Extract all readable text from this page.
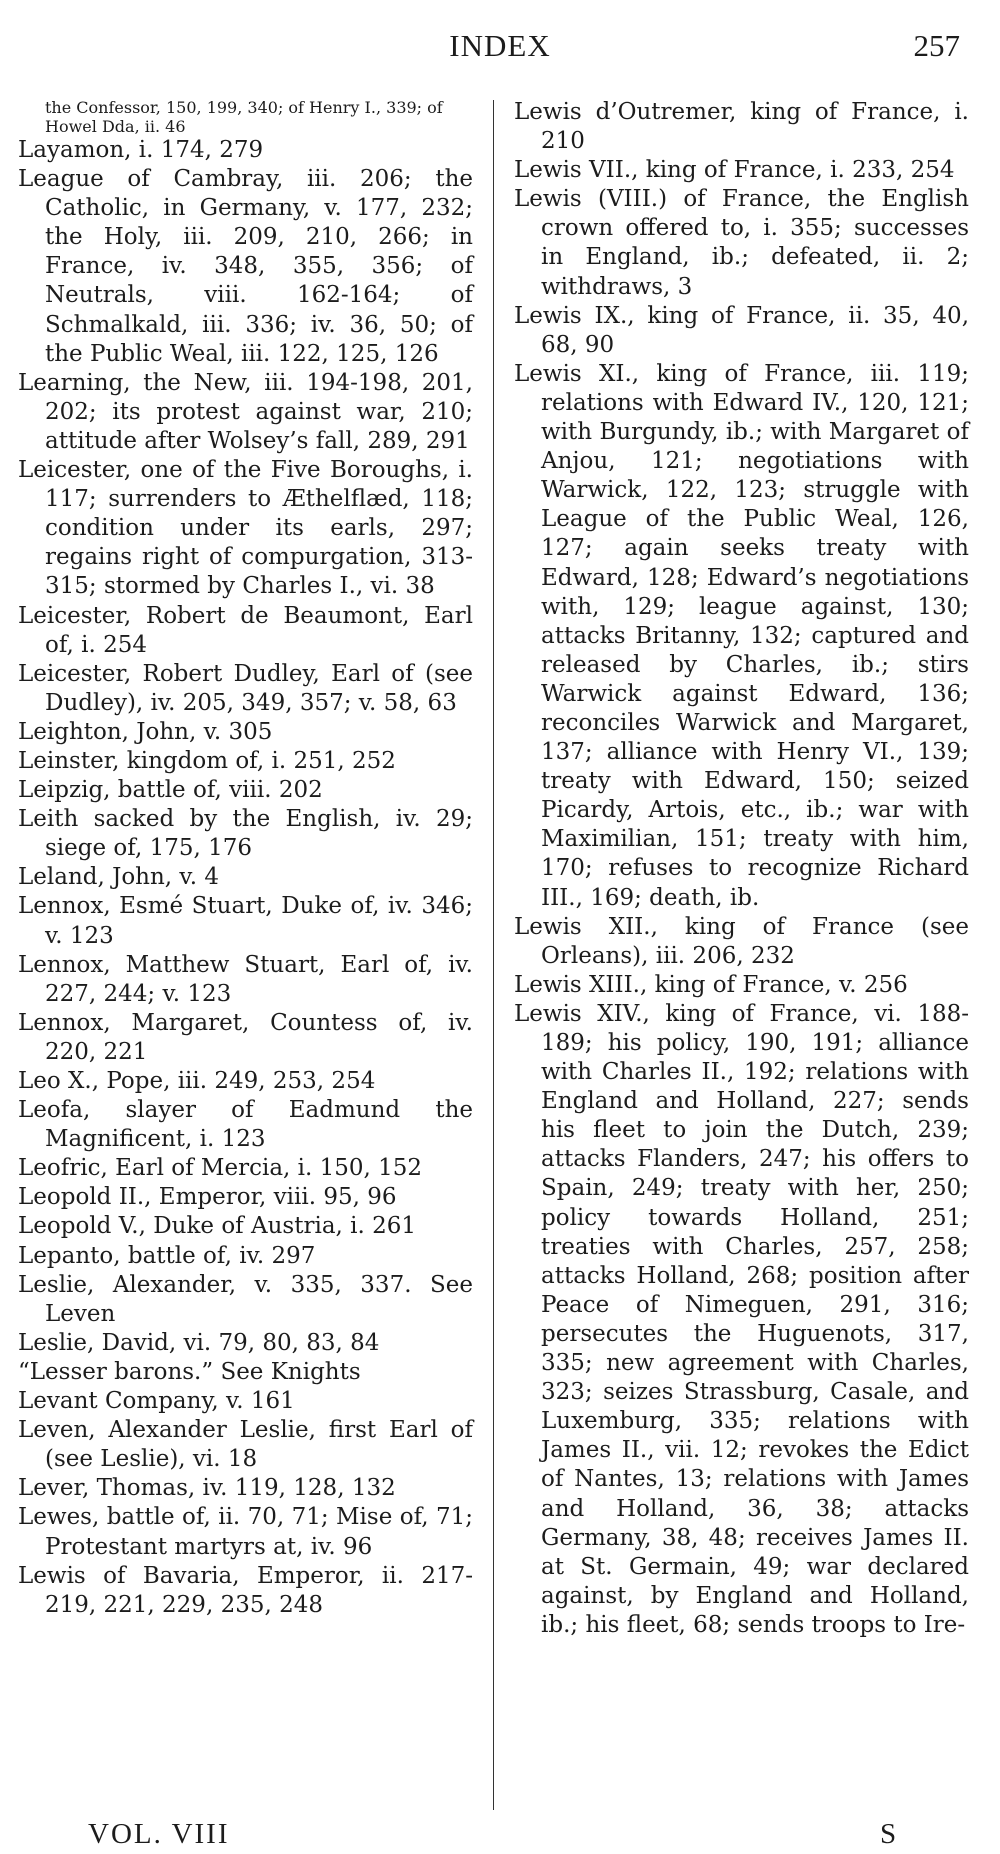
INDEX	257
the Confessor, 150, 199, 340; of Henry I., 339; of Howel Dda, ii. 46
Layamon, i. 174, 279
League of Cambray, iii. 206; the Catholic, in Germany, v. 177, 232; the Holy, iii. 209, 210, 266; in France, iv. 348, 355, 356; of Neutrals, viii. 162-164; of Schmalkald, iii. 336; iv. 36, 50; of the Public Weal, iii. 122, 125, 126
Learning, the New, iii. 194-198, 201, 202; its protest against war, 210; attitude after Wolsey’s fall, 289, 291
Leicester, one of the Five Boroughs, i. 117; surrenders to Æthelflæd, 118; condition under its earls, 297; regains right of compurgation, 313-315; stormed by Charles I., vi. 38
Leicester, Robert de Beaumont, Earl of, i. 254
Leicester, Robert Dudley, Earl of (see Dudley), iv. 205, 349, 357; v. 58, 63
Leighton, John, v. 305
Leinster, kingdom of, i. 251, 252
Leipzig, battle of, viii. 202
Leith sacked by the English, iv. 29; siege of, 175, 176
Leland, John, v. 4
Lennox, Esmé Stuart, Duke of, iv. 346; v. 123
Lennox, Matthew Stuart, Earl of, iv. 227, 244; v. 123
Lennox, Margaret, Countess of, iv. 220, 221
Leo X., Pope, iii. 249, 253, 254
Leofa, slayer of Eadmund the Magnificent, i. 123
Leofric, Earl of Mercia, i. 150, 152
Leopold II., Emperor, viii. 95, 96
Leopold V., Duke of Austria, i. 261
Lepanto, battle of, iv. 297
Leslie, Alexander, v. 335, 337. See Leven
Leslie, David, vi. 79, 80, 83, 84
“Lesser barons.” See Knights
Levant Company, v. 161
Leven, Alexander Leslie, first Earl of (see Leslie), vi. 18
Lever, Thomas, iv. 119, 128, 132
Lewes, battle of, ii. 70, 71; Mise of, 71; Protestant martyrs at, iv. 96
Lewis of Bavaria, Emperor, ii. 217-219, 221, 229, 235, 248
Lewis d’Outremer, king of France, i. 210
Lewis VII., king of France, i. 233, 254
Lewis (VIII.) of France, the English crown offered to, i. 355; successes in England, ib.; defeated, ii. 2; withdraws, 3
Lewis IX., king of France, ii. 35, 40, 68, 90
Lewis XI., king of France, iii. 119; relations with Edward IV., 120, 121; with Burgundy, ib.; with Margaret of Anjou, 121; negotiations with Warwick, 122, 123; struggle with League of the Public Weal, 126, 127; again seeks treaty with Edward, 128; Edward’s negotiations with, 129; league against, 130; attacks Britanny, 132; captured and released by Charles, ib.; stirs Warwick against Edward, 136; reconciles Warwick and Margaret, 137; alliance with Henry VI., 139; treaty with Edward, 150; seized Picardy, Artois, etc., ib.; war with Maximilian, 151; treaty with him, 170; refuses to recognize Richard III., 169; death, ib.
Lewis XII., king of France (see Orleans), iii. 206, 232
Lewis XIII., king of France, v. 256
Lewis XIV., king of France, vi. 188-189; his policy, 190, 191; alliance with Charles II., 192; relations with England and Holland, 227; sends his fleet to join the Dutch, 239; attacks Flanders, 247; his offers to Spain, 249; treaty with her, 250; policy towards Holland, 251; treaties with Charles, 257, 258; attacks Holland, 268; position after Peace of Nimeguen, 291, 316; persecutes the Huguenots, 317, 335; new agreement with Charles, 323; seizes Strassburg, Casale, and Luxemburg, 335; relations with James II., vii. 12; revokes the Edict of Nantes, 13; relations with James and Holland, 36, 38; attacks Germany, 38, 48; receives James II. at St. Germain, 49; war declared against, by England and Holland, ib.; his fleet, 68; sends troops to Ire-
VOL. VIII	S
